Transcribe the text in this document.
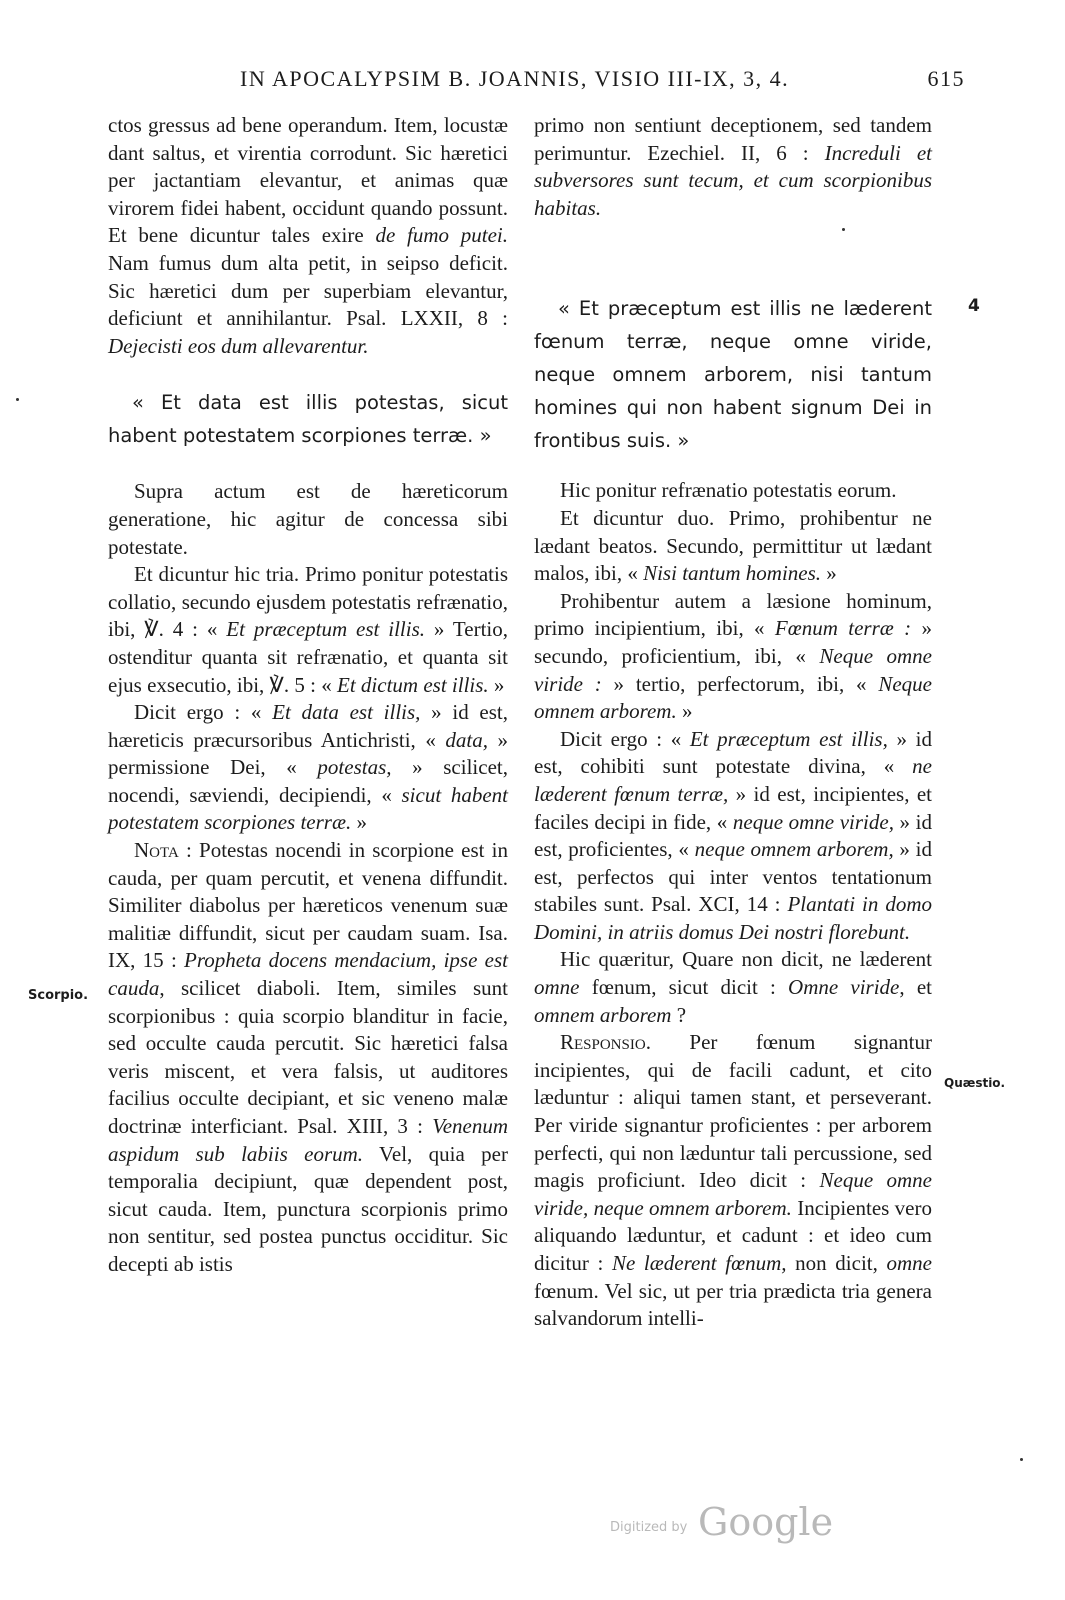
IN APOCALYPSIM B. JOANNIS, VISIO III-IX, 3, 4.	615

ctos gressus ad bene operandum. Item, locustæ dant saltus, et virentia corrodunt. Sic hæretici per jactantiam elevantur, et animas quæ virorem fidei habent, occidunt quando possunt. Et bene dicuntur tales exire de fumo putei. Nam fumus dum alta petit, in seipso deficit. Sic hæretici dum per superbiam elevantur, deficiunt et annihilantur. Psal. LXXII, 8 : Dejecisti eos dum allevarentur.

« Et data est illis potestas, sicut habent potestatem scorpiones terræ. »

Supra actum est de hæreticorum generatione, hic agitur de concessa sibi potestate.

Et dicuntur hic tria. Primo ponitur potestatis collatio, secundo ejusdem potestatis refrænatio, ibi, ℣. 4 : « Et præceptum est illis. » Tertio, ostenditur quanta sit refrænatio, et quanta sit ejus exsecutio, ibi, ℣. 5 : « Et dictum est illis. »

Dicit ergo : « Et data est illis, » id est, hæreticis præcursoribus Antichristi, « data, » permissione Dei, « potestas, » scilicet, nocendi, sæviendi, decipiendi, « sicut habent potestatem scorpiones terræ. »

Nota : Potestas nocendi in scorpione est in cauda, per quam percutit, et venena diffundit. Similiter diabolus per hæreticos venenum suæ malitiæ diffundit, sicut per caudam suam. Isa. IX, 15 : Propheta docens mendacium, ipse est cauda, scilicet diaboli. Item, similes sunt scorpionibus : quia scorpio blanditur in facie, sed occulte cauda percutit. Sic hæretici falsa veris miscent, et vera falsis, ut auditores facilius occulte decipiant, et sic veneno malæ doctrinæ interficiant. Psal. XIII, 3 : Venenum aspidum sub labiis eorum. Vel, quia per temporalia decipiunt, quæ dependent post, sicut cauda. Item, punctura scorpionis primo non sentitur, sed postea punctus occiditur. Sic decepti ab istis

primo non sentiunt deceptionem, sed tandem perimuntur. Ezechiel. II, 6 : Increduli et subversores sunt tecum, et cum scorpionibus habitas.

« Et præceptum est illis ne læderent fœnum terræ, neque omne viride, neque omnem arborem, nisi tantum homines qui non habent signum Dei in frontibus suis. »

Hic ponitur refrænatio potestatis eorum.

Et dicuntur duo. Primo, prohibentur ne lædant beatos. Secundo, permittitur ut lædant malos, ibi, « Nisi tantum homines. »

Prohibentur autem a læsione hominum, primo incipientium, ibi, « Fœnum terræ : » secundo, proficientium, ibi, « Neque omne viride : » tertio, perfectorum, ibi, « Neque omnem arborem. »

Dicit ergo : « Et præceptum est illis, » id est, cohibiti sunt potestate divina, « ne læderent fœnum terræ, » id est, incipientes, et faciles decipi in fide, « neque omne viride, » id est, proficientes, « neque omnem arborem, » id est, perfectos qui inter ventos tentationum stabiles sunt. Psal. XCI, 14 : Plantati in domo Domini, in atriis domus Dei nostri florebunt.

Hic quæritur, Quare non dicit, ne læderent omne fœnum, sicut dicit : Omne viride, et omnem arborem ?

Responsio. Per fœnum signantur incipientes, qui de facili cadunt, et cito læduntur : aliqui tamen stant, et perseverant. Per viride signantur proficientes : per arborem perfecti, qui non læduntur tali percussione, sed magis proficiunt. Ideo dicit : Neque omne viride, neque omnem arborem. Incipientes vero aliquando læduntur, et cadunt : et ideo cum dicitur : Ne læderent fœnum, non dicit, omne fœnum. Vel sic, ut per tria prædicta tria genera salvandorum intelli-

Scorpio.
Quæstio.
4
Digitized by Google
